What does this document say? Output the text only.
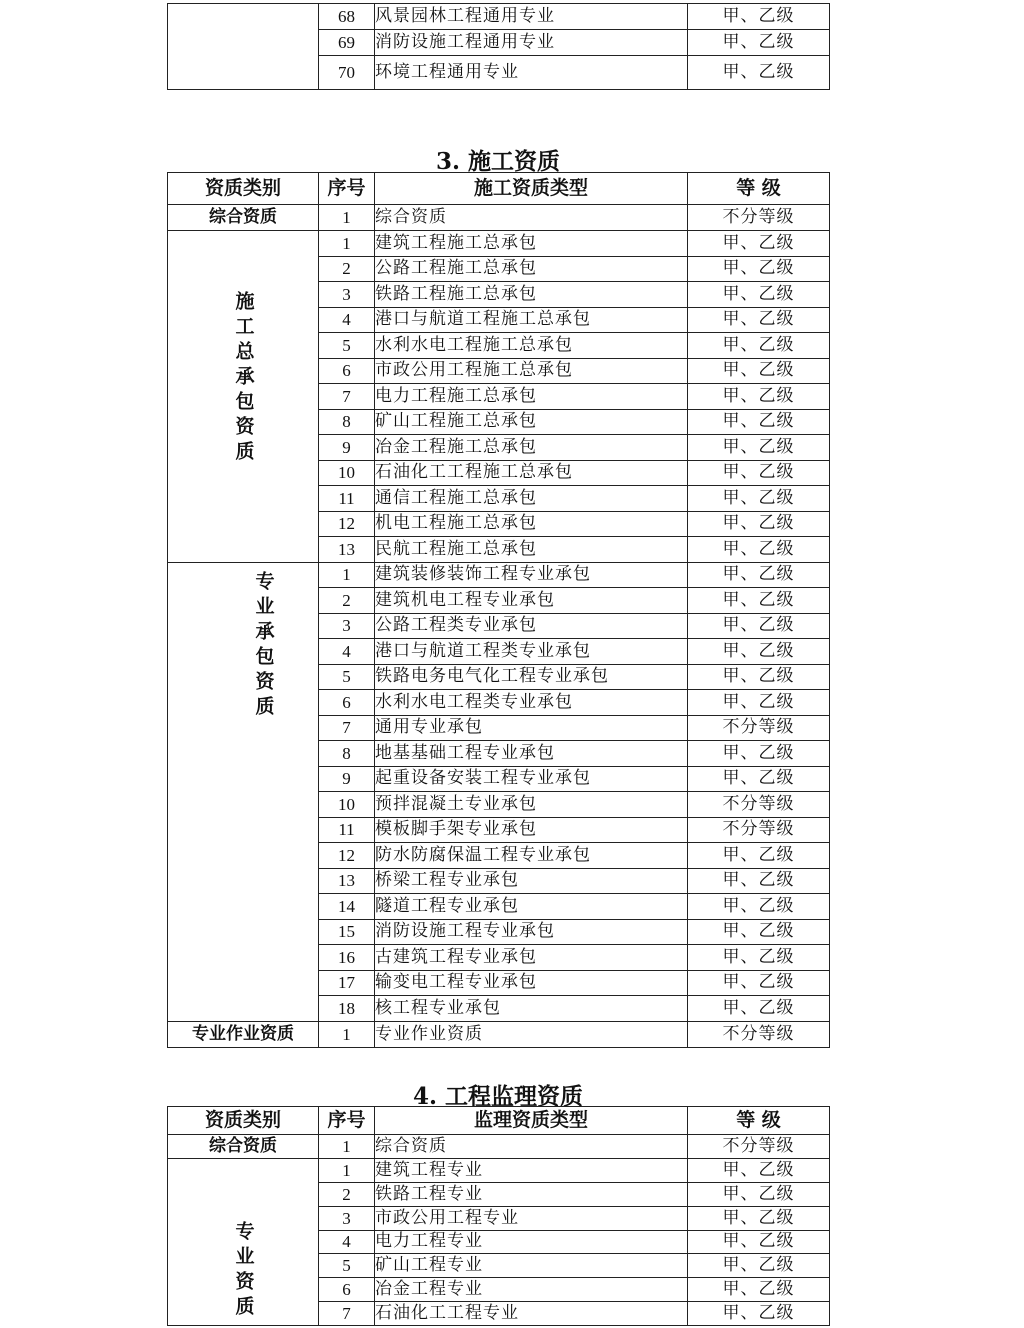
	68	风景园林工程通用专业	甲、乙级
	69	消防设施工程通用专业	甲、乙级
	70	环境工程通用专业	甲、乙级
3. 施工资质
资质类别	序号	施工资质类型	等 级
综合资质	1	综合资质	不分等级
施工总承包资质	1	建筑工程施工总承包	甲、乙级
	2	公路工程施工总承包	甲、乙级
	3	铁路工程施工总承包	甲、乙级
	4	港口与航道工程施工总承包	甲、乙级
	5	水利水电工程施工总承包	甲、乙级
	6	市政公用工程施工总承包	甲、乙级
	7	电力工程施工总承包	甲、乙级
	8	矿山工程施工总承包	甲、乙级
	9	冶金工程施工总承包	甲、乙级
	10	石油化工工程施工总承包	甲、乙级
	11	通信工程施工总承包	甲、乙级
	12	机电工程施工总承包	甲、乙级
	13	民航工程施工总承包	甲、乙级
专业承包资质	1	建筑装修装饰工程专业承包	甲、乙级
	2	建筑机电工程专业承包	甲、乙级
	3	公路工程类专业承包	甲、乙级
	4	港口与航道工程类专业承包	甲、乙级
	5	铁路电务电气化工程专业承包	甲、乙级
	6	水利水电工程类专业承包	甲、乙级
	7	通用专业承包	不分等级
	8	地基基础工程专业承包	甲、乙级
	9	起重设备安装工程专业承包	甲、乙级
	10	预拌混凝土专业承包	不分等级
	11	模板脚手架专业承包	不分等级
	12	防水防腐保温工程专业承包	甲、乙级
	13	桥梁工程专业承包	甲、乙级
	14	隧道工程专业承包	甲、乙级
	15	消防设施工程专业承包	甲、乙级
	16	古建筑工程专业承包	甲、乙级
	17	输变电工程专业承包	甲、乙级
	18	核工程专业承包	甲、乙级
专业作业资质	1	专业作业资质	不分等级
4. 工程监理资质
资质类别	序号	监理资质类型	等 级
综合资质	1	综合资质	不分等级
专业资质	1	建筑工程专业	甲、乙级
	2	铁路工程专业	甲、乙级
	3	市政公用工程专业	甲、乙级
	4	电力工程专业	甲、乙级
	5	矿山工程专业	甲、乙级
	6	冶金工程专业	甲、乙级
	7	石油化工工程专业	甲、乙级
